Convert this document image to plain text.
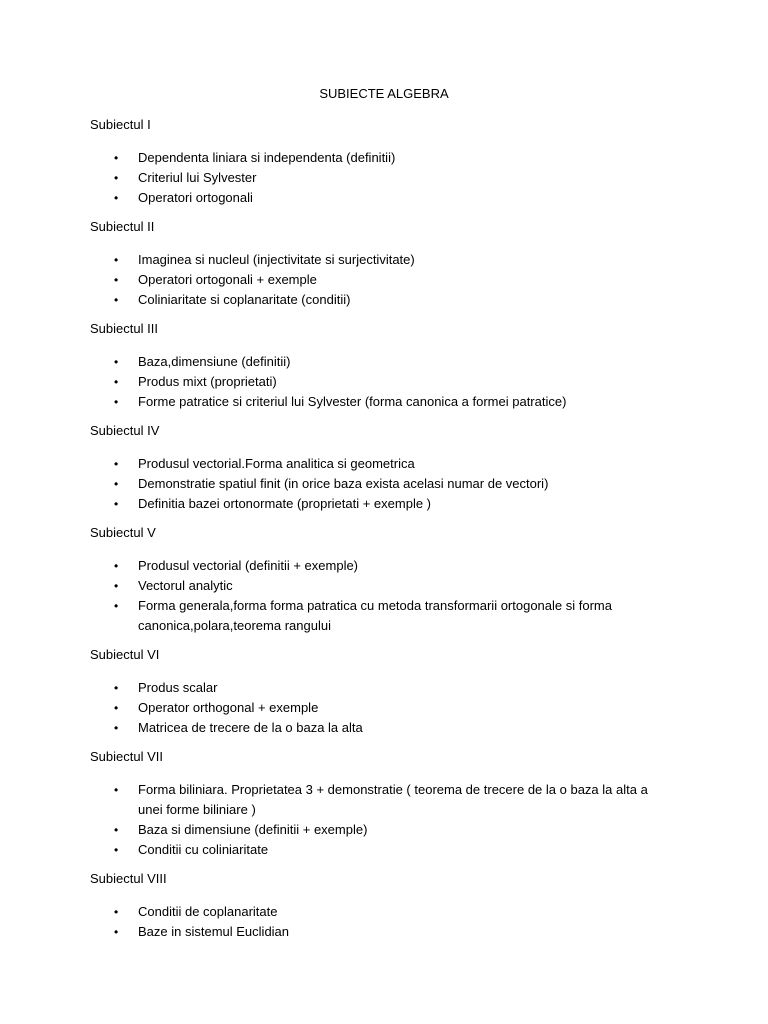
SUBIECTE ALGEBRA
Subiectul I
• Dependenta liniara si independenta (definitii)
• Criteriul lui Sylvester
• Operatori ortogonali
Subiectul II
• Imaginea si nucleul (injectivitate si surjectivitate)
• Operatori ortogonali + exemple
• Coliniaritate si coplanaritate (conditii)
Subiectul III
• Baza,dimensiune (definitii)
• Produs mixt (proprietati)
• Forme patratice si criteriul lui Sylvester (forma canonica a formei patratice)
Subiectul IV
• Produsul vectorial.Forma analitica si geometrica
• Demonstratie spatiul finit (in orice baza exista acelasi numar de vectori)
• Definitia bazei ortonormate (proprietati + exemple )
Subiectul V
• Produsul vectorial (definitii + exemple)
• Vectorul analytic
• Forma generala,forma forma patratica cu metoda transformarii ortogonale si forma canonica,polara,teorema rangului
Subiectul VI
• Produs scalar
• Operator orthogonal + exemple
• Matricea de trecere de la o baza la alta
Subiectul VII
• Forma biliniara. Proprietatea 3 + demonstratie ( teorema de trecere de la o baza la alta a unei forme biliniare )
• Baza si dimensiune (definitii + exemple)
• Conditii cu coliniaritate
Subiectul VIII
• Conditii de coplanaritate
• Baze in sistemul Euclidian
